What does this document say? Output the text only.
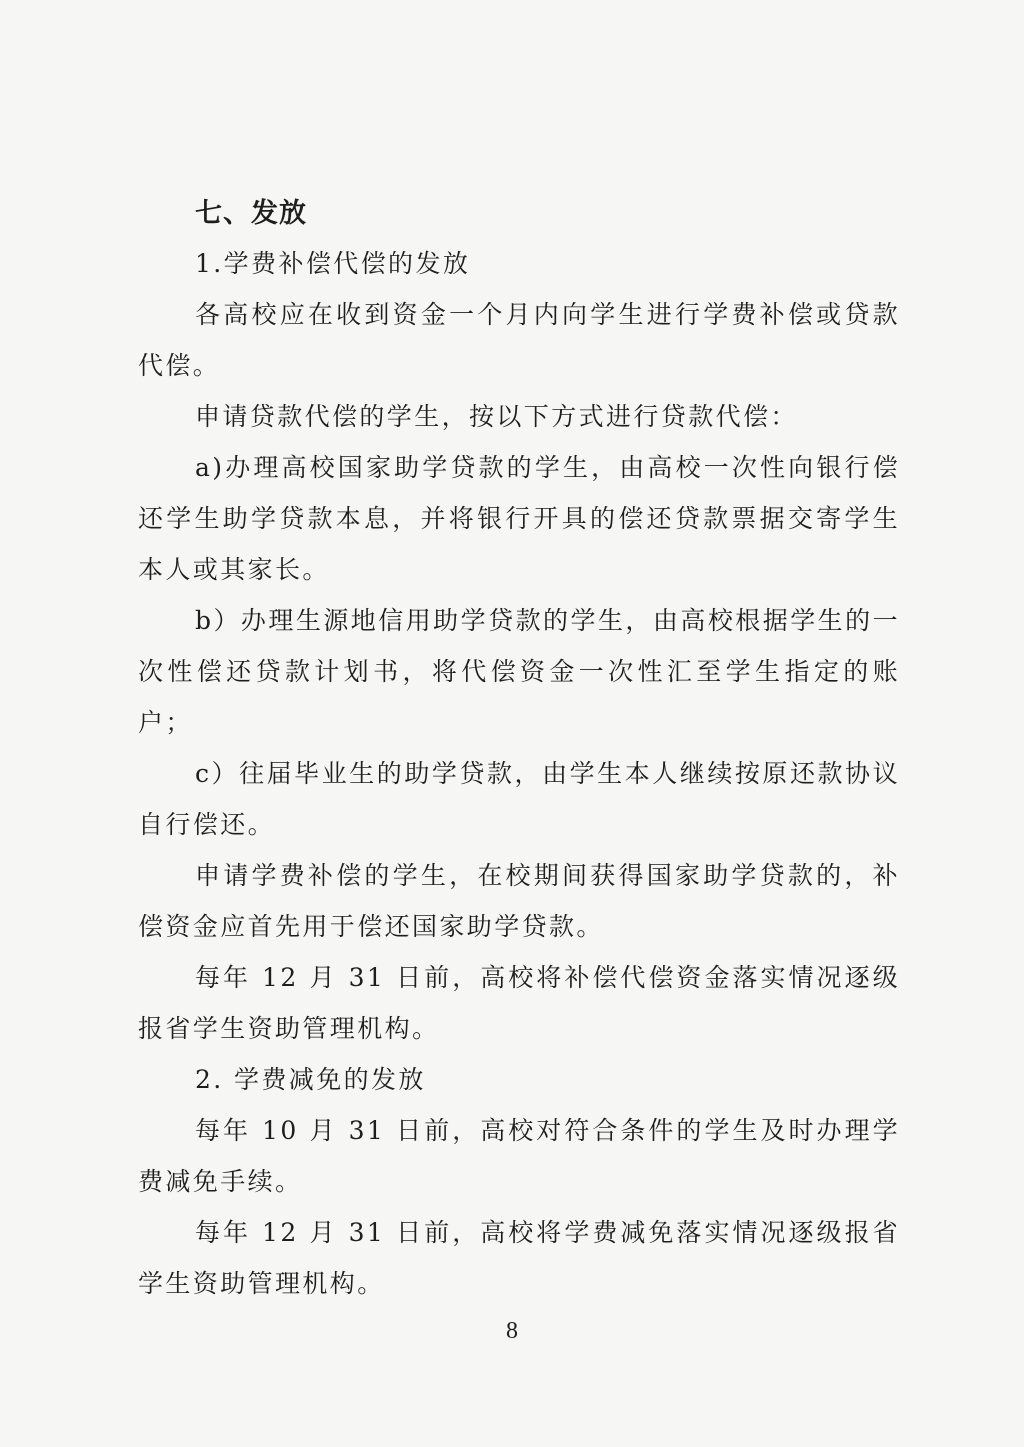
七、发放

1.学费补偿代偿的发放

各高校应在收到资金一个月内向学生进行学费补偿或贷款代偿。

申请贷款代偿的学生，按以下方式进行贷款代偿：

a)办理高校国家助学贷款的学生，由高校一次性向银行偿还学生助学贷款本息，并将银行开具的偿还贷款票据交寄学生本人或其家长。

b）办理生源地信用助学贷款的学生，由高校根据学生的一次性偿还贷款计划书，将代偿资金一次性汇至学生指定的账户；

c）往届毕业生的助学贷款，由学生本人继续按原还款协议自行偿还。

申请学费补偿的学生，在校期间获得国家助学贷款的，补偿资金应首先用于偿还国家助学贷款。

每年 12 月 31 日前，高校将补偿代偿资金落实情况逐级报省学生资助管理机构。

2. 学费减免的发放

每年 10 月 31 日前，高校对符合条件的学生及时办理学费减免手续。

每年 12 月 31 日前，高校将学费减免落实情况逐级报省学生资助管理机构。

8
